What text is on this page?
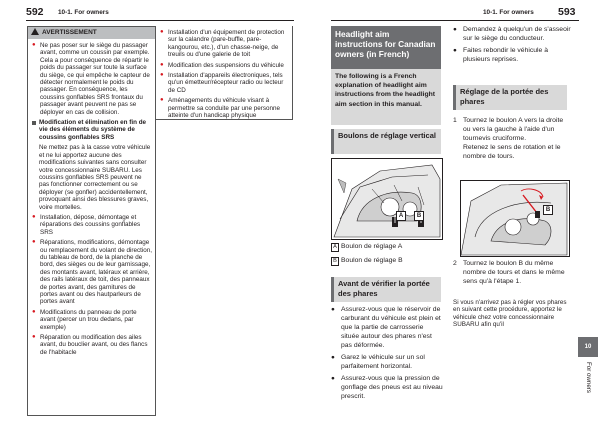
592 10-1. For owners	10-1. For owners 593
AVERTISSEMENT
● Ne pas poser sur le siège du passager avant, comme un coussin par exemple. Cela a pour conséquence de répartir le poids du passager sur toute la surface du siège, ce qui empêche le capteur de détecter normalement le poids du passager. En conséquence, les coussins gonflables SRS frontaux du passager avant peuvent ne pas se déployer en cas de collision.
Modification et élimination en fin de vie des éléments du système de coussins gonflables SRS
Ne mettez pas à la casse votre véhicule et ne lui apportez aucune des modifications suivantes sans consulter votre concessionnaire SUBARU. Les coussins gonflables SRS peuvent ne pas fonctionner correctement ou se déployer (se gonfler) accidentellement, provoquant ainsi des blessures graves, voire mortelles.
● Installation, dépose, démontage et réparations des coussins gonflables SRS
● Réparations, modifications, démontage ou remplacement du volant de direction, du tableau de bord, de la planche de bord, des sièges ou de leur garnissage, des montants avant, latéraux et arrière, des rails latéraux de toit, des panneaux de portes avant, des garnitures de portes avant ou des hautparleurs de portes avant
● Modifications du panneau de porte avant (percer un trou dedans, par exemple)
● Réparation ou modification des ailes avant, du bouclier avant, ou des flancs de l'habitacle
● Installation d'un équipement de protection sur la calandre (pare-buffle, pare-kangourou, etc.), d'un chasse-neige, de treuils ou d'une galerie de toit
● Modification des suspensions du véhicule
● Installation d'appareils électroniques, tels qu'un émetteur/récepteur radio ou lecteur de CD
● Aménagements du véhicule visant à permettre sa conduite par une personne atteinte d'un handicap physique
Headlight aim instructions for Canadian owners (in French)
The following is a French explanation of headlight aim instructions from the headlight aim section in this manual.
Boulons de réglage vertical
A	B
A Boulon de réglage A
B Boulon de réglage B
Avant de vérifier la portée des phares
● Assurez-vous que le réservoir de carburant du véhicule est plein et que la partie de carrosserie située autour des phares n'est pas déformée.
● Garez le véhicule sur un sol parfaitement horizontal.
● Assurez-vous que la pression de gonflage des pneus est au niveau prescrit.
● Demandez à quelqu'un de s'asseoir sur le siège du conducteur.
● Faites rebondir le véhicule à plusieurs reprises.
Réglage de la portée des phares
1 Tournez le boulon A vers la droite ou vers la gauche à l'aide d'un tournevis cruciforme.
Retenez le sens de rotation et le nombre de tours.
B
2 Tournez le boulon B du même nombre de tours et dans le même sens qu'à l'étape 1.
Si vous n'arrivez pas à régler vos phares en suivant cette procédure, apportez le véhicule chez votre concessionnaire SUBARU afin qu'il
10
For owners
